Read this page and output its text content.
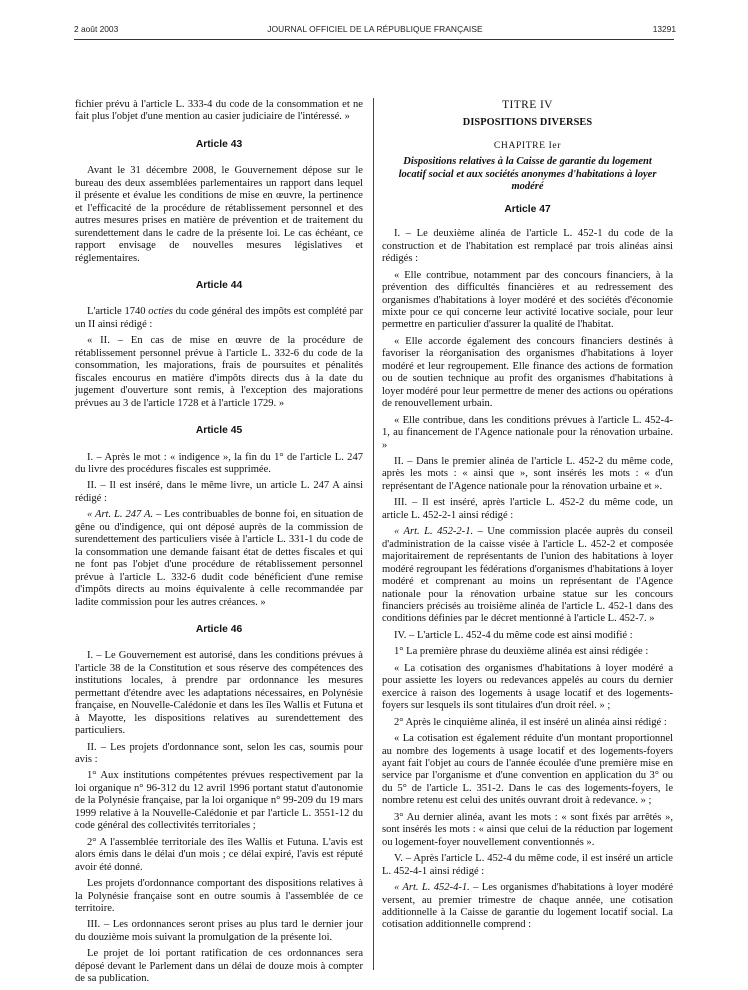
2 août 2003	JOURNAL OFFICIEL DE LA RÉPUBLIQUE FRANÇAISE	13291

fichier prévu à l'article L. 333-4 du code de la consommation et ne fait plus l'objet d'une mention au casier judiciaire de l'intéressé. »

Article 43

Avant le 31 décembre 2008, le Gouvernement dépose sur le bureau des deux assemblées parlementaires un rapport dans lequel il présente et évalue les conditions de mise en œuvre, la pertinence et l'efficacité de la procédure de rétablissement personnel et des autres mesures prises en matière de prévention et de traitement du surendettement dans le cadre de la présente loi. Le cas échéant, ce rapport envisage de nouvelles mesures législatives et réglementaires.

Article 44

L'article 1740 octies du code général des impôts est complété par un II ainsi rédigé :

« II. – En cas de mise en œuvre de la procédure de rétablissement personnel prévue à l'article L. 332-6 du code de la consommation, les majorations, frais de poursuites et pénalités fiscales encourus en matière d'impôts directs dus à la date du jugement d'ouverture sont remis, à l'exception des majorations prévues au 3 de l'article 1728 et à l'article 1729. »

Article 45

I. – Après le mot : « indigence », la fin du 1° de l'article L. 247 du livre des procédures fiscales est supprimée.

II. – Il est inséré, dans le même livre, un article L. 247 A ainsi rédigé :

« Art. L. 247 A. – Les contribuables de bonne foi, en situation de gêne ou d'indigence, qui ont déposé auprès de la commission de surendettement des particuliers visée à l'article L. 331-1 du code de la consommation une demande faisant état de dettes fiscales et qui ne font pas l'objet d'une procédure de rétablissement personnel prévue à l'article L. 332-6 dudit code bénéficient d'une remise d'impôts directs au moins équivalente à celle recommandée par ladite commission pour les autres créances. »

Article 46

I. – Le Gouvernement est autorisé, dans les conditions prévues à l'article 38 de la Constitution et sous réserve des compétences des institutions locales, à prendre par ordonnance les mesures permettant d'étendre avec les adaptations nécessaires, en Polynésie française, en Nouvelle-Calédonie et dans les îles Wallis et Futuna et à Mayotte, les dispositions relatives au surendettement des particuliers.

II. – Les projets d'ordonnance sont, selon les cas, soumis pour avis :

1° Aux institutions compétentes prévues respectivement par la loi organique n° 96-312 du 12 avril 1996 portant statut d'autonomie de la Polynésie française, par la loi organique n° 99-209 du 19 mars 1999 relative à la Nouvelle-Calédonie et par l'article L. 3551-12 du code général des collectivités territoriales ;

2° A l'assemblée territoriale des îles Wallis et Futuna. L'avis est alors émis dans le délai d'un mois ; ce délai expiré, l'avis est réputé avoir été donné.

Les projets d'ordonnance comportant des dispositions relatives à la Polynésie française sont en outre soumis à l'assemblée de ce territoire.

III. – Les ordonnances seront prises au plus tard le dernier jour du douzième mois suivant la promulgation de la présente loi.

Le projet de loi portant ratification de ces ordonnances sera déposé devant le Parlement dans un délai de douze mois à compter de sa publication.

TITRE IV
DISPOSITIONS DIVERSES
CHAPITRE Ier
Dispositions relatives à la Caisse de garantie du logement locatif social et aux sociétés anonymes d'habitations à loyer modéré
Article 47

I. – Le deuxième alinéa de l'article L. 452-1 du code de la construction et de l'habitation est remplacé par trois alinéas ainsi rédigés :

« Elle contribue, notamment par des concours financiers, à la prévention des difficultés financières et au redressement des organismes d'habitations à loyer modéré et des sociétés d'économie mixte pour ce qui concerne leur activité locative sociale, pour leur permettre en particulier d'assurer la qualité de l'habitat.

« Elle accorde également des concours financiers destinés à favoriser la réorganisation des organismes d'habitations à loyer modéré et leur regroupement. Elle finance des actions de formation ou de soutien technique au profit des organismes d'habitations à loyer modéré pour leur permettre de mener des actions ou opérations de renouvellement urbain.

« Elle contribue, dans les conditions prévues à l'article L. 452-4-1, au financement de l'Agence nationale pour la rénovation urbaine. »

II. – Dans le premier alinéa de l'article L. 452-2 du même code, après les mots : « ainsi que », sont insérés les mots : « d'un représentant de l'Agence nationale pour la rénovation urbaine et ».

III. – Il est inséré, après l'article L. 452-2 du même code, un article L. 452-2-1 ainsi rédigé :

« Art. L. 452-2-1. – Une commission placée auprès du conseil d'administration de la caisse visée à l'article L. 452-2 et composée majoritairement de représentants de l'union des habitations à loyer modéré regroupant les fédérations d'organismes d'habitations à loyer modéré et comprenant au moins un représentant de l'Agence nationale pour la rénovation urbaine statue sur les concours financiers précisés au troisième alinéa de l'article L. 452-1 dans des conditions définies par le décret mentionné à l'article L. 452-7. »

IV. – L'article L. 452-4 du même code est ainsi modifié :

1° La première phrase du deuxième alinéa est ainsi rédigée :

« La cotisation des organismes d'habitations à loyer modéré a pour assiette les loyers ou redevances appelés au cours du dernier exercice à raison des logements à usage locatif et des logements-foyers sur lesquels ils sont titulaires d'un droit réel. » ;

2° Après le cinquième alinéa, il est inséré un alinéa ainsi rédigé :

« La cotisation est également réduite d'un montant proportionnel au nombre des logements à usage locatif et des logements-foyers ayant fait l'objet au cours de l'année écoulée d'une première mise en service par l'organisme et d'une convention en application du 3° ou du 5° de l'article L. 351-2. Dans le cas des logements-foyers, le nombre retenu est celui des unités ouvrant droit à redevance. » ;

3° Au dernier alinéa, avant les mots : « sont fixés par arrêtés », sont insérés les mots : « ainsi que celui de la réduction par logement ou logement-foyer nouvellement conventionnés ».

V. – Après l'article L. 452-4 du même code, il est inséré un article L. 452-4-1 ainsi rédigé :

« Art. L. 452-4-1. – Les organismes d'habitations à loyer modéré versent, au premier trimestre de chaque année, une cotisation additionnelle à la Caisse de garantie du logement locatif social. La cotisation additionnelle comprend :
